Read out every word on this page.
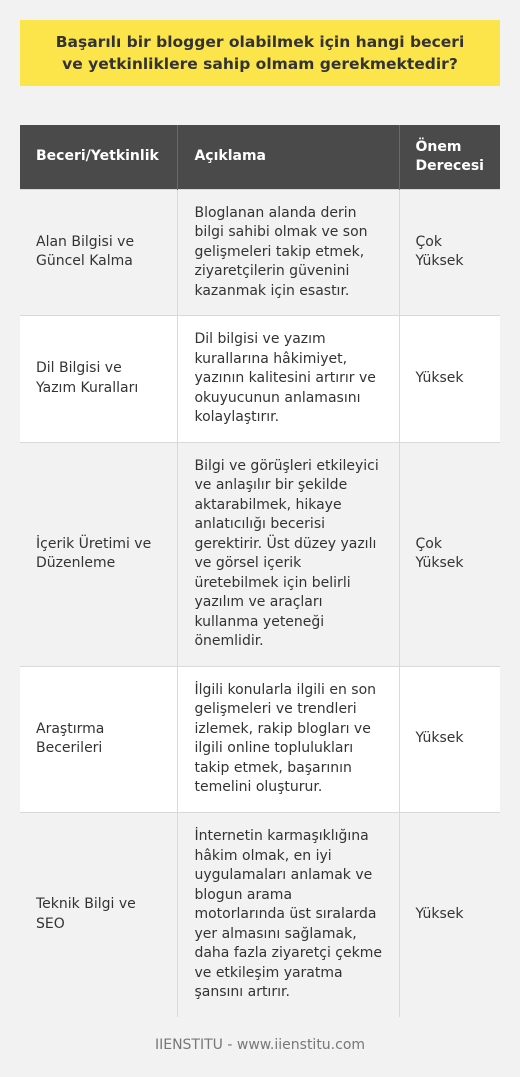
Başarılı bir blogger olabilmek için hangi beceri ve yetkinliklere sahip olmam gerekmektedir?
Beceri/Yetkinlik	Açıklama	Önem Derecesi
Alan Bilgisi ve Güncel Kalma	Bloglanan alanda derin bilgi sahibi olmak ve son gelişmeleri takip etmek, ziyaretçilerin güvenini kazanmak için esastır.	Çok Yüksek
Dil Bilgisi ve Yazım Kuralları	Dil bilgisi ve yazım kurallarına hâkimiyet, yazının kalitesini artırır ve okuyucunun anlamasını kolaylaştırır.	Yüksek
İçerik Üretimi ve Düzenleme	Bilgi ve görüşleri etkileyici ve anlaşılır bir şekilde aktarabilmek, hikaye anlatıcılığı becerisi gerektirir. Üst düzey yazılı ve görsel içerik üretebilmek için belirli yazılım ve araçları kullanma yeteneği önemlidir.	Çok Yüksek
Araştırma Becerileri	İlgili konularla ilgili en son gelişmeleri ve trendleri izlemek, rakip blogları ve ilgili online toplulukları takip etmek, başarının temelini oluşturur.	Yüksek
Teknik Bilgi ve SEO	İnternetin karmaşıklığına hâkim olmak, en iyi uygulamaları anlamak ve blogun arama motorlarında üst sıralarda yer almasını sağlamak, daha fazla ziyaretçi çekme ve etkileşim yaratma şansını artırır.	Yüksek
IIENSTITU - www.iienstitu.com
